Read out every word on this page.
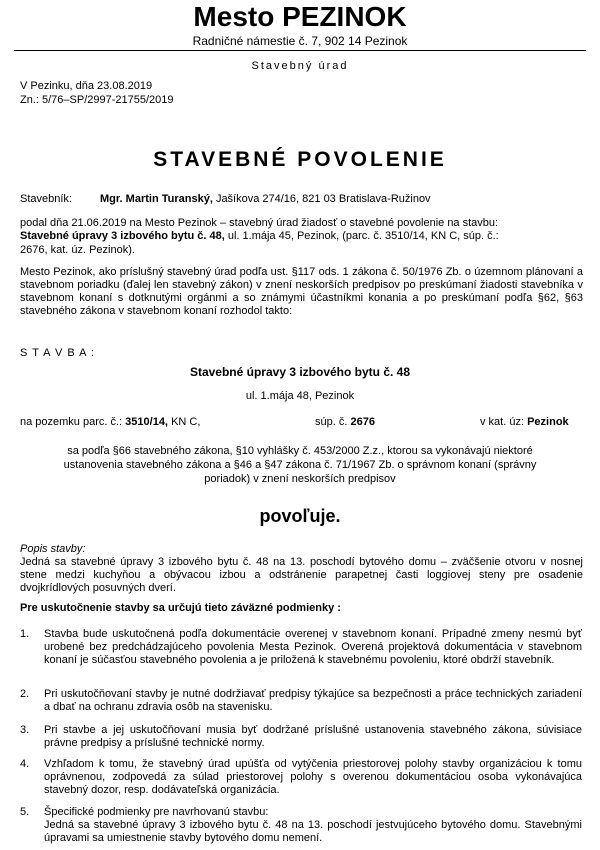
Mesto PEZINOK
Radničné námestie č. 7, 902 14 Pezinok
Stavebný úrad
V Pezinku, dňa 23.08.2019
Zn.: 5/76–SP/2997-21755/2019
STAVEBNÉ POVOLENIE
Stavebník:	Mgr. Martin Turanský, Jašíkova 274/16, 821 03 Bratislava-Ružinov
podal dňa 21.06.2019 na Mesto Pezinok – stavebný úrad žiadosť o stavebné povolenie na stavbu:
Stavebné úpravy 3 izbového bytu č. 48, ul. 1.mája 45, Pezinok, (parc. č. 3510/14, KN C, súp. č.:
2676, kat. úz. Pezinok).
Mesto Pezinok, ako príslušný stavebný úrad podľa ust. §117 ods. 1 zákona č. 50/1976 Zb. o územnom plánovaní a stavebnom poriadku (ďalej len stavebný zákon) v znení neskorších predpisov po preskúmaní žiadosti stavebníka v stavebnom konaní s dotknutými orgánmi a so známymi účastníkmi konania a po preskúmaní podľa §62, §63 stavebného zákona v stavebnom konaní rozhodol takto:
S T A V B A :
Stavebné úpravy 3 izbového bytu č. 48
ul. 1.mája 48, Pezinok
na pozemku parc. č.: 3510/14, KN C,	súp. č. 2676	v kat. úz: Pezinok
sa podľa §66 stavebného zákona, §10 vyhlášky č. 453/2000 Z.z., ktorou sa vykonávajú niektoré
ustanovenia stavebného zákona a §46 a §47 zákona č. 71/1967 Zb. o správnom konaní (správny
poriadok) v znení neskorších predpisov
povoľuje.
Popis stavby:
Jedná sa stavebné úpravy 3 izbového bytu č. 48 na 13. poschodí bytového domu – zväčšenie otvoru v nosnej stene medzi kuchyňou a obývacou izbou a odstránenie parapetnej časti loggiovej steny pre osadenie dvojkrídlových posuvných dverí.
Pre uskutočnenie stavby sa určujú tieto záväzné podmienky :
1. Stavba bude uskutočnená podľa dokumentácie overenej v stavebnom konaní. Prípadné zmeny nesmú byť urobené bez predchádzajúceho povolenia Mesta Pezinok. Overená projektová dokumentácia v stavebnom konaní je súčasťou stavebného povolenia a je priložená k stavebnému povoleniu, ktoré obdrží stavebník.
2. Pri uskutočňovaní stavby je nutné dodržiavať predpisy týkajúce sa bezpečnosti a práce technických zariadení a dbať na ochranu zdravia osôb na stavenisku.
3. Pri stavbe a jej uskutočňovaní musia byť dodržané príslušné ustanovenia stavebného zákona, súvisiace právne predpisy a príslušné technické normy.
4. Vzhľadom k tomu, že stavebný úrad upúšťa od vytýčenia priestorovej polohy stavby organizáciou k tomu oprávnenou, zodpovedá za súlad priestorovej polohy s overenou dokumentáciou osoba vykonávajúca stavebný dozor, resp. dodávateľská organizácia.
5. Špecifické podmienky pre navrhovanú stavbu:
Jedná sa stavebné úpravy 3 izbového bytu č. 48 na 13. poschodí jestvujúceho bytového domu. Stavebnými úpravami sa umiestnenie stavby bytového domu nemení.
